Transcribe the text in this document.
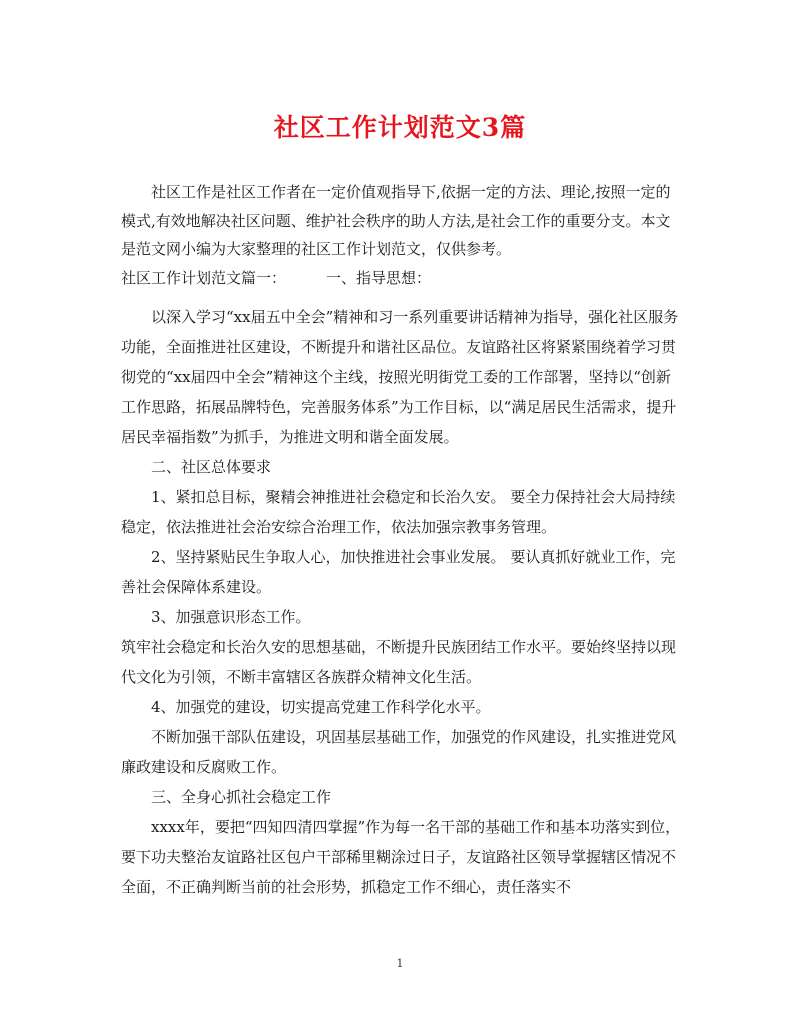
社区工作计划范文3篇

社区工作是社区工作者在一定价值观指导下,依据一定的方法、理论,按照一定的模式,有效地解决社区问题、维护社会秩序的助人方法,是社会工作的重要分支。本文是范文网小编为大家整理的社区工作计划范文，仅供参考。

社区工作计划范文篇一：	一、指导思想：

以深入学习“xx届五中全会”精神和习一系列重要讲话精神为指导，强化社区服务功能，全面推进社区建设，不断提升和谐社区品位。友谊路社区将紧紧围绕着学习贯彻党的“xx届四中全会”精神这个主线，按照光明街党工委的工作部署，坚持以“创新工作思路，拓展品牌特色，完善服务体系”为工作目标，以“满足居民生活需求，提升居民幸福指数”为抓手，为推进文明和谐全面发展。

二、社区总体要求

1、紧扣总目标，聚精会神推进社会稳定和长治久安。 要全力保持社会大局持续稳定，依法推进社会治安综合治理工作，依法加强宗教事务管理。

2、坚持紧贴民生争取人心，加快推进社会事业发展。 要认真抓好就业工作，完善社会保障体系建设。

3、加强意识形态工作。

筑牢社会稳定和长治久安的思想基础，不断提升民族团结工作水平。要始终坚持以现代文化为引领，不断丰富辖区各族群众精神文化生活。

4、加强党的建设，切实提高党建工作科学化水平。

不断加强干部队伍建设，巩固基层基础工作，加强党的作风建设，扎实推进党风廉政建设和反腐败工作。

三、全身心抓社会稳定工作

xxxx年，要把“四知四清四掌握”作为每一名干部的基础工作和基本功落实到位，要下功夫整治友谊路社区包户干部稀里糊涂过日子，友谊路社区领导掌握辖区情况不全面，不正确判断当前的社会形势，抓稳定工作不细心，责任落实不

1
